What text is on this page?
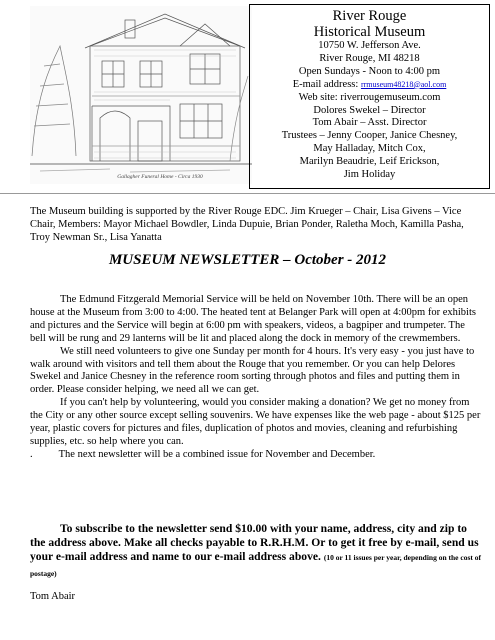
Gallagher Funeral Home - Circa 1930
River Rouge
Historical Museum
10750 W. Jefferson Ave.
River Rouge, MI 48218
Open Sundays - Noon to 4:00 pm
E-mail address: rrmuseum48218@aol.com
Web site: riverrougemuseum.com
Dolores Swekel – Director
Tom Abair – Asst. Director
Trustees – Jenny Cooper, Janice Chesney,
May Halladay, Mitch Cox,
Marilyn Beaudrie, Leif Erickson,
Jim Holiday
The Museum building is supported by the River Rouge EDC. Jim Krueger – Chair, Lisa Givens – Vice Chair, Members: Mayor Michael Bowdler, Linda Dupuie, Brian Ponder, Raletha Moch, Kamilla Pasha, Troy Newman Sr., Lisa Yanatta
MUSEUM NEWSLETTER – October - 2012

The Edmund Fitzgerald Memorial Service will be held on November 10th. There will be an open house at the Museum from 3:00 to 4:00. The heated tent at Belanger Park will open at 4:00pm for exhibits and pictures and the Service will begin at 6:00 pm with speakers, videos, a bagpiper and trumpeter. The bell will be rung and 29 lanterns will be lit and placed along the dock in memory of the crewmembers.

We still need volunteers to give one Sunday per month for 4 hours. It's very easy - you just have to walk around with visitors and tell them about the Rouge that you remember. Or you can help Delores Swekel and Janice Chesney in the reference room sorting through photos and files and putting them in order. Please consider helping, we need all we can get.

If you can't help by volunteering, would you consider making a donation? We get no money from the City or any other source except selling souvenirs. We have expenses like the web page - about $125 per year, plastic covers for pictures and files, duplication of photos and movies, cleaning and refurbishing supplies, etc. so help where you can.

. The next newsletter will be a combined issue for November and December.

To subscribe to the newsletter send $10.00 with your name, address, city and zip to the address above. Make all checks payable to R.R.H.M. Or to get it free by e-mail, send us your e-mail address and name to our e-mail address above. (10 or 11 issues per year, depending on the cost of postage)
Tom Abair
